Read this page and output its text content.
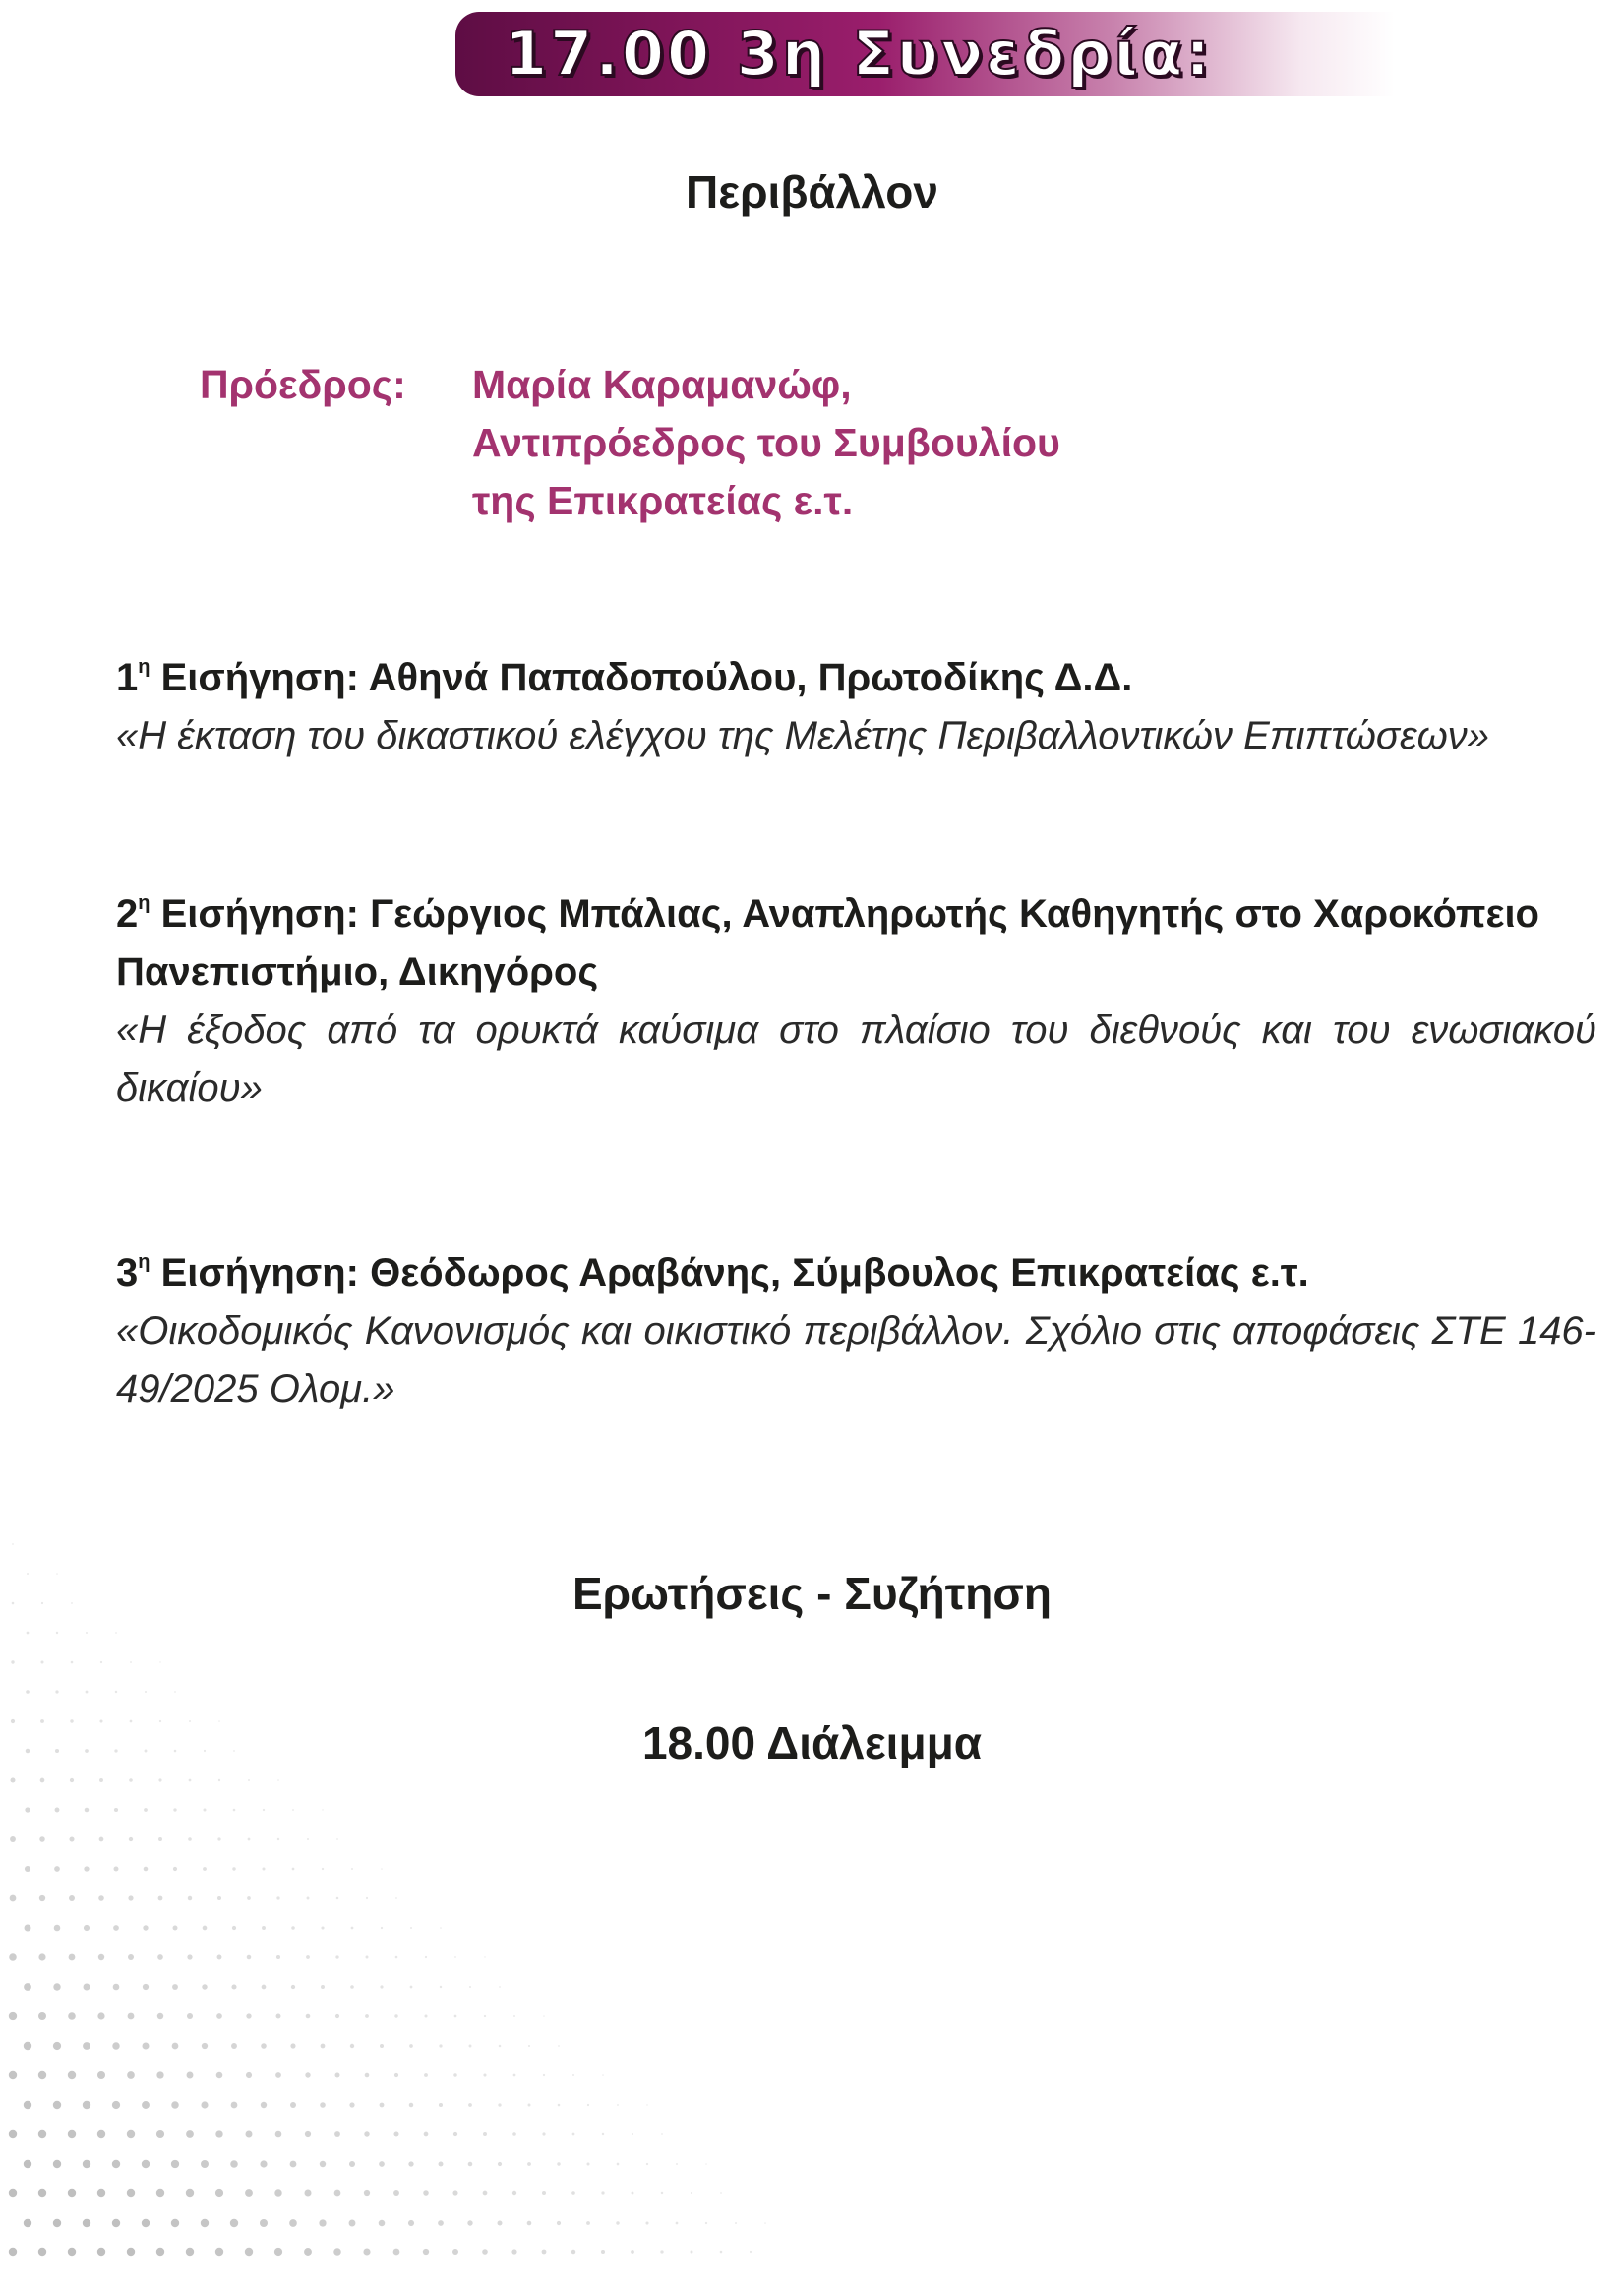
17.00 3η Συνεδρία:
Περιβάλλον
Πρόεδρος: Μαρία Καραμανώφ,
Αντιπρόεδρος του Συμβουλίου
της Επικρατείας ε.τ.
$1^\eta$ Εισήγηση: Αθηνά Παπαδοπούλου, Πρωτοδίκης Δ.Δ.
«Η έκταση του δικαστικού ελέγχου της Μελέτης Περιβαλλοντικών Επιπτώσεων»
$2^\eta$ Εισήγηση: Γεώργιος Μπάλιας, Αναπληρωτής Καθηγητής στο Χαροκόπειο
Πανεπιστήμιο, Δικηγόρος
«Η έξοδος από τα ορυκτά καύσιμα στο πλαίσιο του διεθνούς και του ενωσιακού δικαίου»
$3^\eta$ Εισήγηση: Θεόδωρος Αραβάνης, Σύμβουλος Επικρατείας ε.τ.
«Οικοδομικός Κανονισμός και οικιστικό περιβάλλον. Σχόλιο στις αποφάσεις ΣΤΕ 146-49/2025 Ολομ.»
Ερωτήσεις - Συζήτηση
18.00 Διάλειμμα
